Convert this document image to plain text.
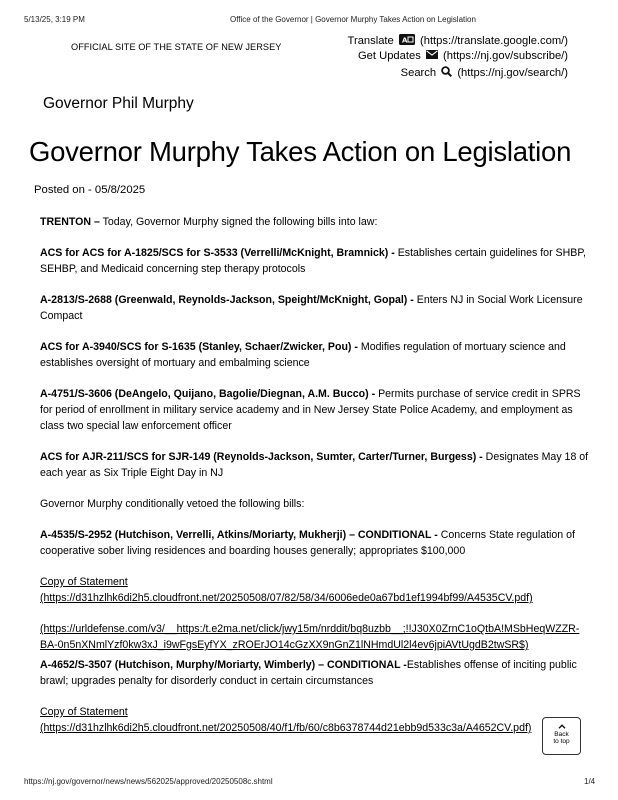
5/13/25, 3:19 PM	Office of the Governor | Governor Murphy Takes Action on Legislation
OFFICIAL SITE OF THE STATE OF NEW JERSEY
Translate A (https://translate.google.com/)
Get Updates (https://nj.gov/subscribe/)
Search (https://nj.gov/search/)
Governor Phil Murphy
Governor Murphy Takes Action on Legislation
Posted on - 05/8/2025

TRENTON – Today, Governor Murphy signed the following bills into law:

ACS for ACS for A-1825/SCS for S-3533 (Verrelli/McKnight, Bramnick) - Establishes certain guidelines for SHBP, SEHBP, and Medicaid concerning step therapy protocols

A-2813/S-2688 (Greenwald, Reynolds-Jackson, Speight/McKnight, Gopal) - Enters NJ in Social Work Licensure Compact

ACS for A-3940/SCS for S-1635 (Stanley, Schaer/Zwicker, Pou) - Modifies regulation of mortuary science and establishes oversight of mortuary and embalming science

A-4751/S-3606 (DeAngelo, Quijano, Bagolie/Diegnan, A.M. Bucco) - Permits purchase of service credit in SPRS for period of enrollment in military service academy and in New Jersey State Police Academy, and employment as class two special law enforcement officer

ACS for AJR-211/SCS for SJR-149 (Reynolds-Jackson, Sumter, Carter/Turner, Burgess) - Designates May 18 of each year as Six Triple Eight Day in NJ

Governor Murphy conditionally vetoed the following bills:

A-4535/S-2952 (Hutchison, Verrelli, Atkins/Moriarty, Mukherji) – CONDITIONAL - Concerns State regulation of cooperative sober living residences and boarding houses generally; appropriates $100,000

Copy of Statement
(https://d31hzlhk6di2h5.cloudfront.net/20250508/07/82/58/34/6006ede0a67bd1ef1994bf99/A4535CV.pdf)

(https://urldefense.com/v3/__https:/t.e2ma.net/click/jwy15m/nrddit/bq8uzbb__;!!J30X0ZrnC1oQtbA!MSbHeqWZZR-
BA-0n5nXNmlYzf0kw3xJ_i9wFgsEyfYX_zROErJO14cGzXX9nGnZ1lNHmdUl2l4ev6jpiAVtUgdB2twSR$)

A-4652/S-3507 (Hutchison, Murphy/Moriarty, Wimberly) – CONDITIONAL -Establishes offense of inciting public brawl; upgrades penalty for disorderly conduct in certain circumstances

Copy of Statement
(https://d31hzlhk6di2h5.cloudfront.net/20250508/40/f1/fb/60/c8b6378744d21ebb9d533c3a/A4652CV.pdf)

Back
to top
https://nj.gov/governor/news/news/562025/approved/20250508c.shtml	1/4
